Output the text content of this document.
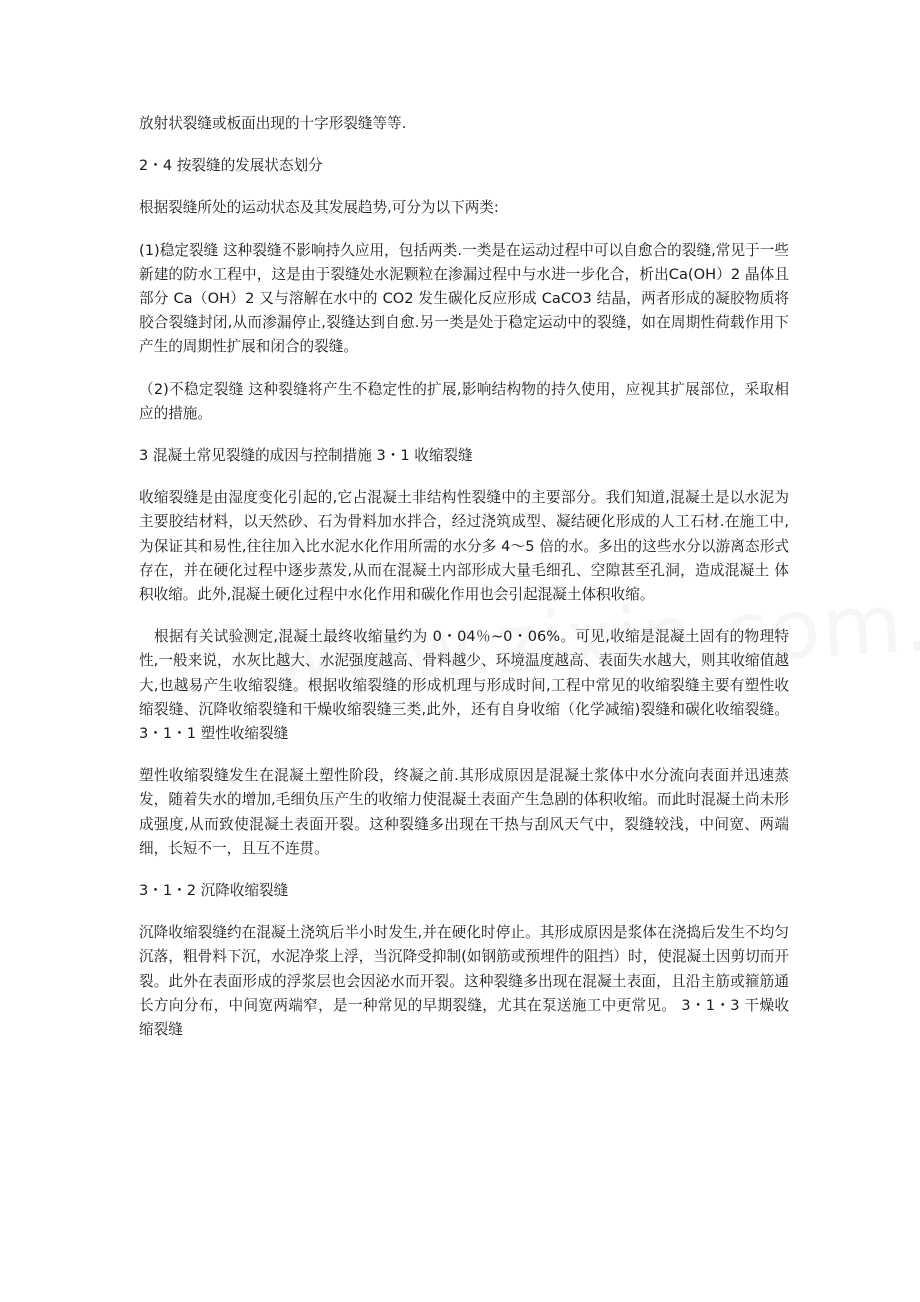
放射状裂缝或板面出现的十字形裂缝等等.

2・4 按裂缝的发展状态划分

根据裂缝所处的运动状态及其发展趋势,可分为以下两类:

(1)稳定裂缝 这种裂缝不影响持久应用，包括两类.一类是在运动过程中可以自愈合的裂缝,常见于一些新建的防水工程中，这是由于裂缝处水泥颗粒在渗漏过程中与水进一步化合，析出Ca(OH）2 晶体且部分 Ca（OH）2 又与溶解在水中的 CO2 发生碳化反应形成 CaCO3 结晶，两者形成的凝胶物质将胶合裂缝封闭,从而渗漏停止,裂缝达到自愈.另一类是处于稳定运动中的裂缝，如在周期性荷载作用下产生的周期性扩展和闭合的裂缝。

（2)不稳定裂缝 这种裂缝将产生不稳定性的扩展,影响结构物的持久使用，应视其扩展部位，采取相应的措施。

3 混凝土常见裂缝的成因与控制措施 3・1 收缩裂缝

收缩裂缝是由湿度变化引起的,它占混凝土非结构性裂缝中的主要部分。我们知道,混凝土是以水泥为主要胶结材料，以天然砂、石为骨料加水拌合，经过浇筑成型、凝结硬化形成的人工石材.在施工中,为保证其和易性,往往加入比水泥水化作用所需的水分多 4～5 倍的水。多出的这些水分以游离态形式存在，并在硬化过程中逐步蒸发,从而在混凝土内部形成大量毛细孔、空隙甚至孔洞，造成混凝土 体积收缩。此外,混凝土硬化过程中水化作用和碳化作用也会引起混凝土体积收缩。

根据有关试验测定,混凝土最终收缩量约为 0・04％~0・06%。可见,收缩是混凝土固有的物理特性,一般来说，水灰比越大、水泥强度越高、骨料越少、环境温度越高、表面失水越大，则其收缩值越大,也越易产生收缩裂缝。根据收缩裂缝的形成机理与形成时间,工程中常见的收缩裂缝主要有塑性收缩裂缝、沉降收缩裂缝和干燥收缩裂缝三类,此外，还有自身收缩（化学减缩)裂缝和碳化收缩裂缝。 3・1・1 塑性收缩裂缝

塑性收缩裂缝发生在混凝土塑性阶段，终凝之前.其形成原因是混凝土浆体中水分流向表面并迅速蒸发，随着失水的增加,毛细负压产生的收缩力使混凝土表面产生急剧的体积收缩。而此时混凝土尚未形成强度,从而致使混凝土表面开裂。这种裂缝多出现在干热与刮风天气中，裂缝较浅，中间宽、两端细，长短不一，且互不连贯。

3・1・2 沉降收缩裂缝

沉降收缩裂缝约在混凝土浇筑后半小时发生,并在硬化时停止。其形成原因是浆体在浇捣后发生不均匀沉落，粗骨料下沉，水泥净浆上浮，当沉降受抑制(如钢筋或预埋件的阻挡）时，使混凝土因剪切而开裂。此外在表面形成的浮浆层也会因泌水而开裂。这种裂缝多出现在混凝土表面，且沿主筋或箍筋通长方向分布，中间宽两端窄，是一种常见的早期裂缝，尤其在泵送施工中更常见。 3・1・3 干燥收缩裂缝
